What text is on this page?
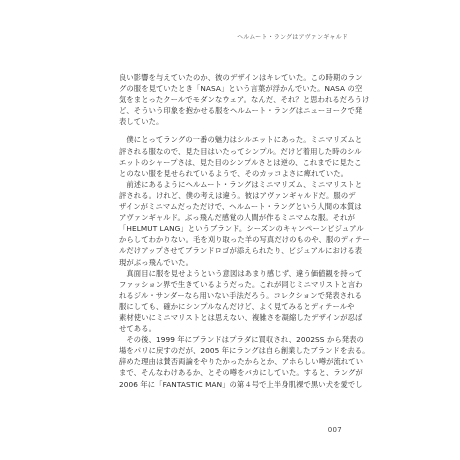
ヘルムート・ラングはアヴァンギャルド
良い影響を与えていたのか、彼のデザインはキレていた。この時期のラン
グの服を見ていたとき「NASA」という言葉が浮かんでいた。NASA の空
気をまとったクールでモダンなウェア。なんだ、それ？と思われるだろうけ
ど、そういう印象を抱かせる服をヘルムート・ラングはニューヨークで発
表していた。
　僕にとってラングの一番の魅力はシルエットにあった。ミニマリズムと
評される服なので、見た目はいたってシンプル。だけど着用した時のシル
エットのシャープさは、見た目のシンプルさとは逆の、これまでに見たこ
とのない服を見せられているようで、そのカッコよさに痺れていた。
　前述にあるようにヘルムート・ラングはミニマリズム、ミニマリストと
評される。けれど、僕の考えは違う。彼はアヴァンギャルドだ。服のデ
ザインがミニマムだっただけで、ヘルムート・ラングという人間の本質は
アヴァンギャルド。ぶっ飛んだ感覚の人間が作るミニマムな服。それが
「HELMUT LANG」というブランド。シーズンのキャンペーンビジュアル
からしてわかりない。毛を刈り取った羊の写真だけのものや、服のディテー
ルだけアップさせてブランドロゴが添えられたり、ビジュアルにおける表
現がぶっ飛んでいた。
　真面目に服を見せようという意図はあまり感じず、違う価値観を持って
ファッション界で生きているようだった。これが同じミニマリストと言わ
れるジル・サンダーなら用いない手法だろう。コレクションで発表される
服にしても、確かにシンプルなんだけど、よく見てみるとディテールや
素材使いにミニマリストとは思えない、複雑さを凝縮したデザインが忍ば
せてある。
　その後、1999 年にブランドはプラダに買収され、2002SS から発表の
場をパリに戻すのだが、2005 年にラングは自ら創業したブランドを去る。
辞めた理由は賛否両論をやりたかったからとか、アホらしい噂が流れてい
まで、そんなわけあるか、とその噂をバカにしていた。すると、ラングが
2006 年に「FANTASTIC MAN」の第４号で上半身肌裸で黒い犬を愛でし
007
